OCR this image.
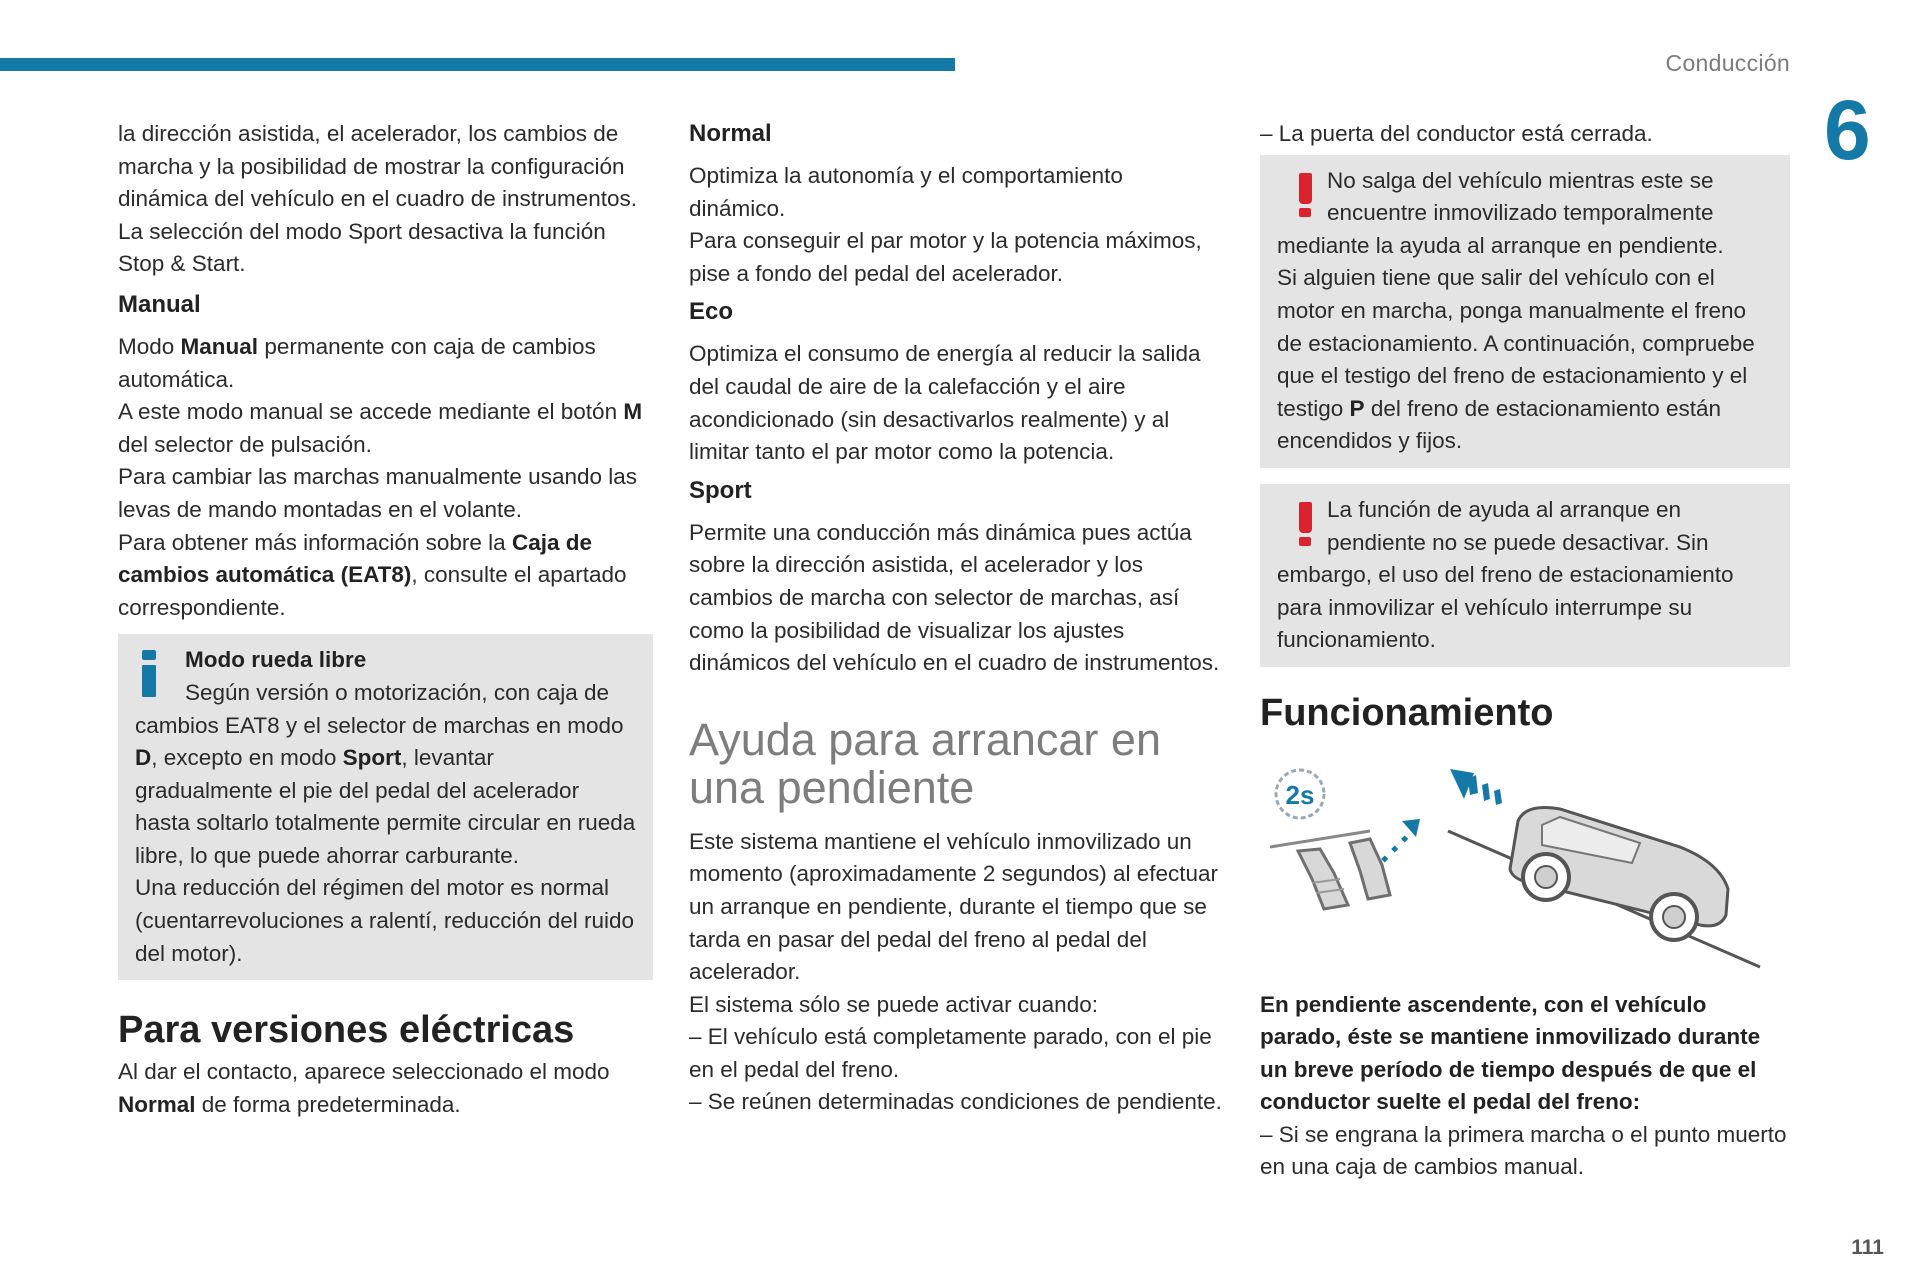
Conducción
6
111

la dirección asistida, el acelerador, los cambios de marcha y la posibilidad de mostrar la configuración dinámica del vehículo en el cuadro de instrumentos.

La selección del modo Sport desactiva la función Stop & Start.

Manual

Modo Manual permanente con caja de cambios automática.

A este modo manual se accede mediante el botón M del selector de pulsación.

Para cambiar las marchas manualmente usando las levas de mando montadas en el volante.

Para obtener más información sobre la Caja de cambios automática (EAT8), consulte el apartado correspondiente.

Modo rueda libre

Según versión o motorización, con caja de cambios EAT8 y el selector de marchas en modo D, excepto en modo Sport, levantar gradualmente el pie del pedal del acelerador hasta soltarlo totalmente permite circular en rueda libre, lo que puede ahorrar carburante.

Una reducción del régimen del motor es normal (cuentarrevoluciones a ralentí, reducción del ruido del motor).

Para versiones eléctricas

Al dar el contacto, aparece seleccionado el modo Normal de forma predeterminada.

Normal

Optimiza la autonomía y el comportamiento dinámico.

Para conseguir el par motor y la potencia máximos, pise a fondo del pedal del acelerador.

Eco

Optimiza el consumo de energía al reducir la salida del caudal de aire de la calefacción y el aire acondicionado (sin desactivarlos realmente) y al limitar tanto el par motor como la potencia.

Sport

Permite una conducción más dinámica pues actúa sobre la dirección asistida, el acelerador y los cambios de marcha con selector de marchas, así como la posibilidad de visualizar los ajustes dinámicos del vehículo en el cuadro de instrumentos.

Ayuda para arrancar en una pendiente

Este sistema mantiene el vehículo inmovilizado un momento (aproximadamente 2 segundos) al efectuar un arranque en pendiente, durante el tiempo que se tarda en pasar del pedal del freno al pedal del acelerador.

El sistema sólo se puede activar cuando:

– El vehículo está completamente parado, con el pie en el pedal del freno.

– Se reúnen determinadas condiciones de pendiente.

– La puerta del conductor está cerrada.

No salga del vehículo mientras este se encuentre inmovilizado temporalmente mediante la ayuda al arranque en pendiente.

Si alguien tiene que salir del vehículo con el motor en marcha, ponga manualmente el freno de estacionamiento. A continuación, compruebe que el testigo del freno de estacionamiento y el testigo P del freno de estacionamiento están encendidos y fijos.

La función de ayuda al arranque en pendiente no se puede desactivar. Sin embargo, el uso del freno de estacionamiento para inmovilizar el vehículo interrumpe su funcionamiento.

Funcionamiento
2s

En pendiente ascendente, con el vehículo parado, éste se mantiene inmovilizado durante un breve período de tiempo después de que el conductor suelte el pedal del freno:

– Si se engrana la primera marcha o el punto muerto en una caja de cambios manual.
